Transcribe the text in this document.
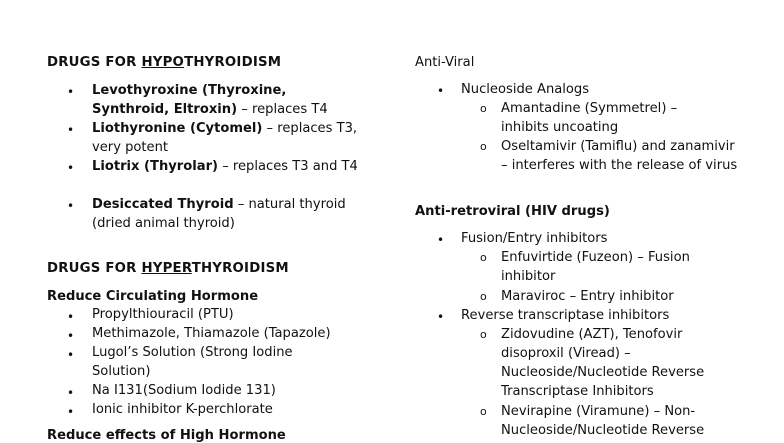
DRUGS FOR HYPOTHYROIDISM
• Levothyroxine (Thyroxine, Synthroid, Eltroxin) – replaces T4
• Liothyronine (Cytomel) – replaces T3, very potent
• Liotrix (Thyrolar) – replaces T3 and T4
• Desiccated Thyroid – natural thyroid (dried animal thyroid)
DRUGS FOR HYPERTHYROIDISM
Reduce Circulating Hormone
• Propylthiouracil (PTU)
• Methimazole, Thiamazole (Tapazole)
• Lugol’s Solution (Strong Iodine Solution)
• Na I131(Sodium Iodide 131)
• Ionic inhibitor K-perchlorate
Reduce effects of High Hormone
Anti-Viral
• Nucleoside Analogs
o Amantadine (Symmetrel) – inhibits uncoating
o Oseltamivir (Tamiflu) and zanamivir – interferes with the release of virus
Anti-retroviral (HIV drugs)
• Fusion/Entry inhibitors
o Enfuvirtide (Fuzeon) – Fusion inhibitor
o Maraviroc – Entry inhibitor
• Reverse transcriptase inhibitors
o Zidovudine (AZT), Tenofovir disoproxil (Viread) – Nucleoside/Nucleotide Reverse Transcriptase Inhibitors
o Nevirapine (Viramune) – Non-Nucleoside/Nucleotide Reverse
